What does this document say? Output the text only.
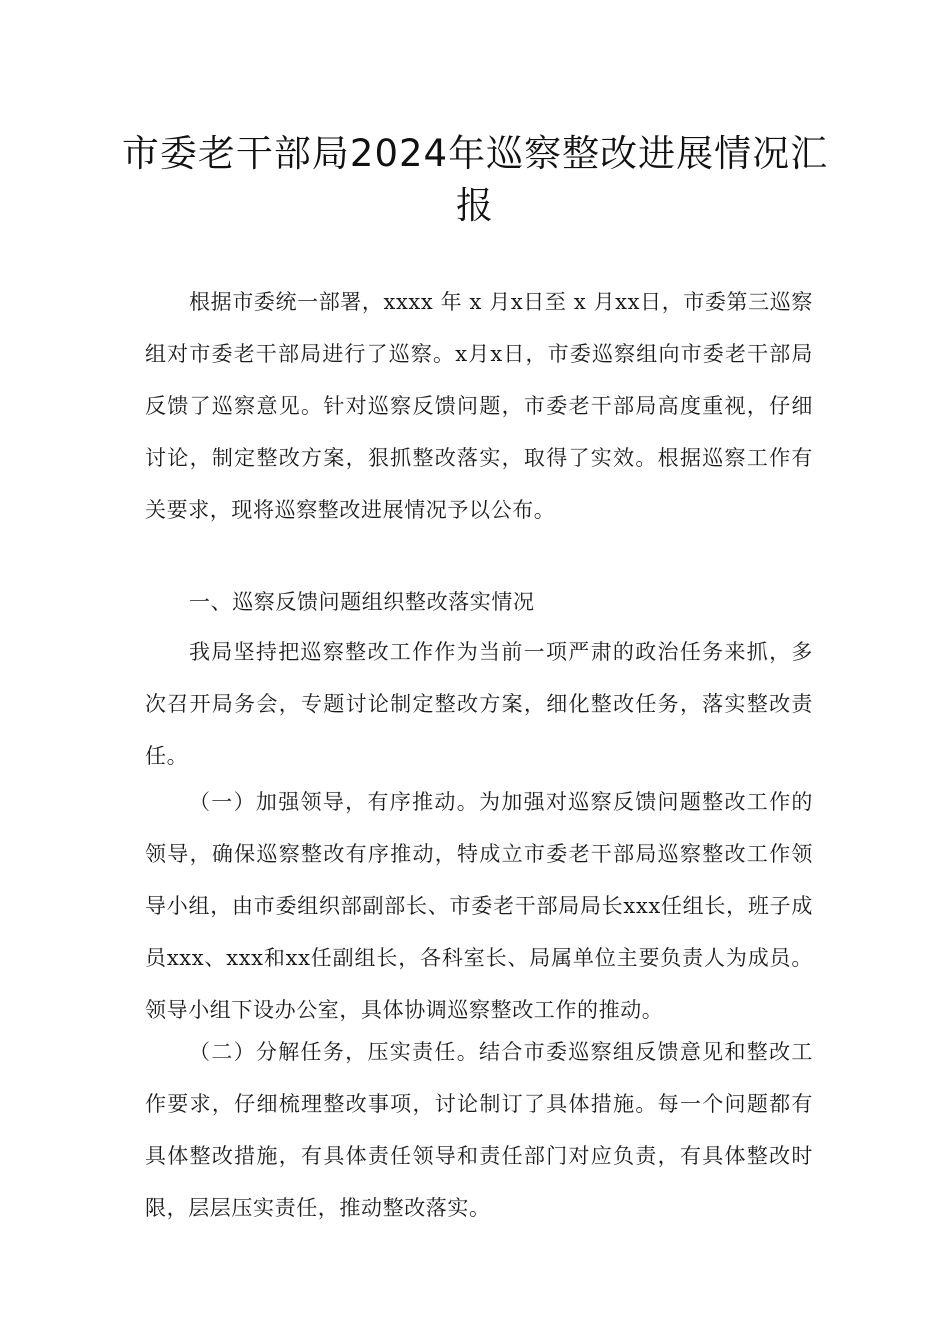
市委老干部局2024年巡察整改进展情况汇报

根据市委统一部署，xxxx 年 x 月x日至 x 月xx日，市委第三巡察组对市委老干部局进行了巡察。x月x日，市委巡察组向市委老干部局反馈了巡察意见。针对巡察反馈问题，市委老干部局高度重视，仔细讨论，制定整改方案，狠抓整改落实，取得了实效。根据巡察工作有关要求，现将巡察整改进展情况予以公布。

一、巡察反馈问题组织整改落实情况

我局坚持把巡察整改工作作为当前一项严肃的政治任务来抓，多次召开局务会，专题讨论制定整改方案，细化整改任务，落实整改责任。

（一）加强领导，有序推动。为加强对巡察反馈问题整改工作的领导，确保巡察整改有序推动，特成立市委老干部局巡察整改工作领导小组，由市委组织部副部长、市委老干部局局长xxx任组长，班子成员xxx、xxx和xx任副组长，各科室长、局属单位主要负责人为成员。领导小组下设办公室，具体协调巡察整改工作的推动。

（二）分解任务，压实责任。结合市委巡察组反馈意见和整改工作要求，仔细梳理整改事项，讨论制订了具体措施。每一个问题都有具体整改措施，有具体责任领导和责任部门对应负责，有具体整改时限，层层压实责任，推动整改落实。
